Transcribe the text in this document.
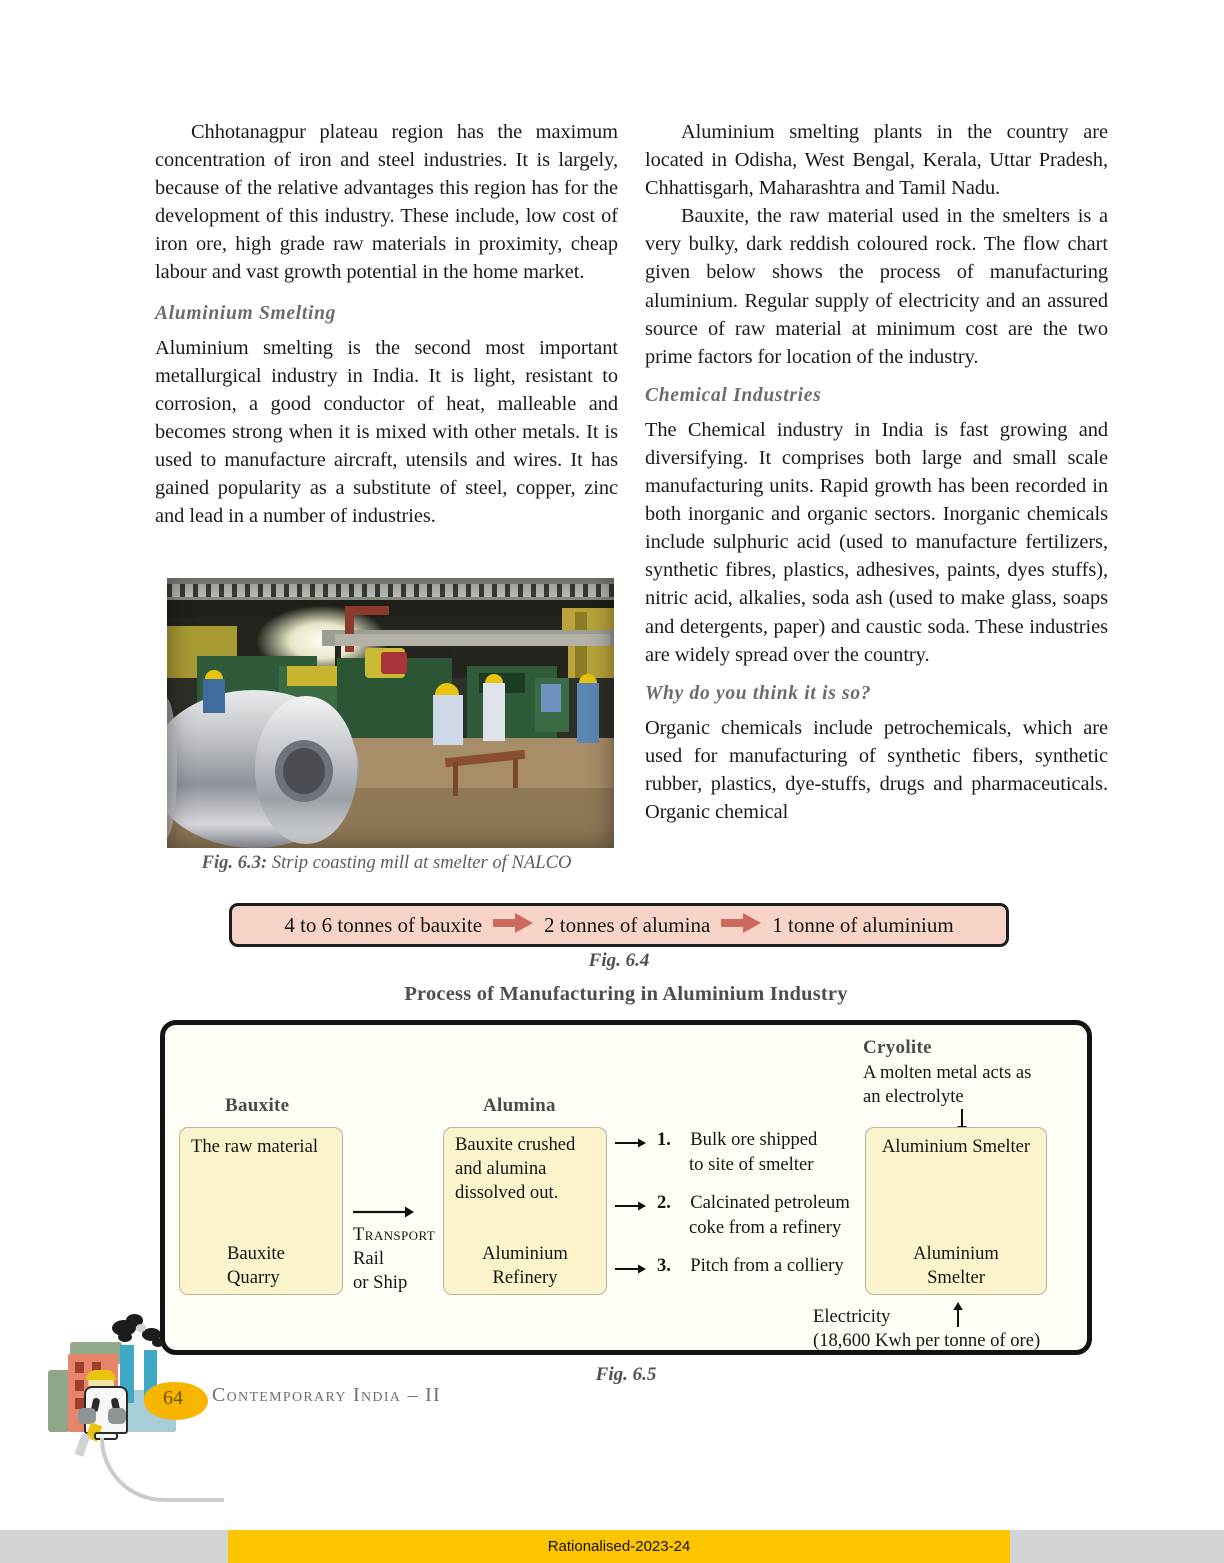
Chhotanagpur plateau region has the maximum concentration of iron and steel industries. It is largely, because of the relative advantages this region has for the development of this industry. These include, low cost of iron ore, high grade raw materials in proximity, cheap labour and vast growth potential in the home market.

Aluminium Smelting

Aluminium smelting is the second most important metallurgical industry in India. It is light, resistant to corrosion, a good conductor of heat, malleable and becomes strong when it is mixed with other metals. It is used to manufacture aircraft, utensils and wires. It has gained popularity as a substitute of steel, copper, zinc and lead in a number of industries.

Fig. 6.3: Strip coasting mill at smelter of NALCO

Aluminium smelting plants in the country are located in Odisha, West Bengal, Kerala, Uttar Pradesh, Chhattisgarh, Maharashtra and Tamil Nadu.

Bauxite, the raw material used in the smelters is a very bulky, dark reddish coloured rock. The flow chart given below shows the process of manufacturing aluminium. Regular supply of electricity and an assured source of raw material at minimum cost are the two prime factors for location of the industry.

Chemical Industries

The Chemical industry in India is fast growing and diversifying. It comprises both large and small scale manufacturing units. Rapid growth has been recorded in both inorganic and organic sectors. Inorganic chemicals include sulphuric acid (used to manufacture fertilizers, synthetic fibres, plastics, adhesives, paints, dyes stuffs), nitric acid, alkalies, soda ash (used to make glass, soaps and detergents, paper) and caustic soda. These industries are widely spread over the country.

Why do you think it is so?

Organic chemicals include petrochemicals, which are used for manufacturing of synthetic fibers, synthetic rubber, plastics, dye-stuffs, drugs and pharmaceuticals. Organic chemical

4 to 6 tonnes of bauxite	2 tonnes of alumina	1 tonne of aluminium
Fig. 6.4
Process of Manufacturing in Aluminium Industry
Bauxite	Alumina
The raw material
Bauxite
Quarry
Transport
Rail
or Ship
Bauxite crushed
and alumina
dissolved out.
Aluminium
Refinery
1. Bulk ore shipped
to site of smelter
2. Calcinated petroleum
coke from a refinery
3. Pitch from a colliery
Cryolite
A molten metal acts as
an electrolyte
Aluminium Smelter
Aluminium
Smelter
Electricity
(18,600 Kwh per tonne of ore)
Fig. 6.5
64	Contemporary India – II
Rationalised-2023-24
